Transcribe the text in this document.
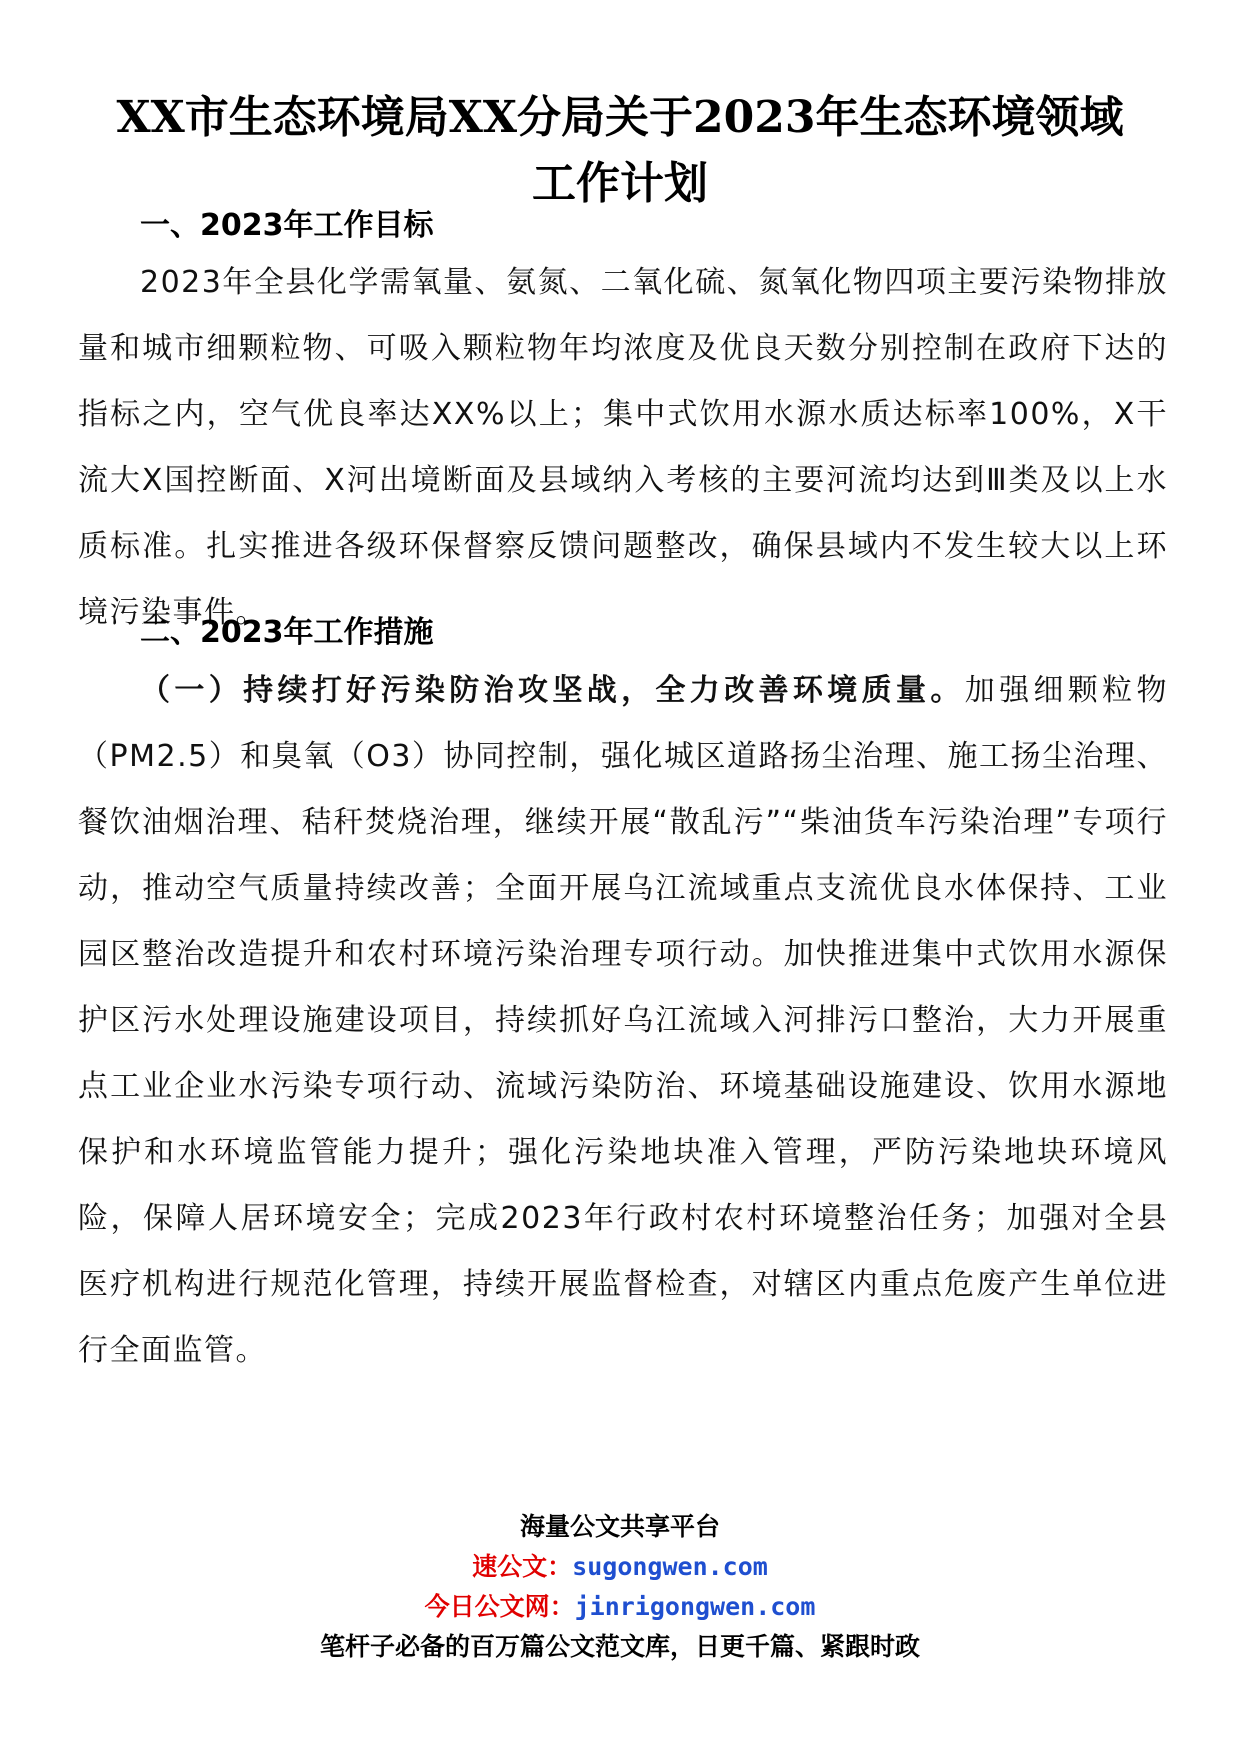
XX市生态环境局XX分局关于2023年生态环境领域
工作计划
一、2023年工作目标

2023年全县化学需氧量、氨氮、二氧化硫、氮氧化物四项主要污染物排放量和城市细颗粒物、可吸入颗粒物年均浓度及优良天数分别控制在政府下达的指标之内，空气优良率达XX%以上；集中式饮用水源水质达标率100%，X干流大X国控断面、X河出境断面及县域纳入考核的主要河流均达到Ⅲ类及以上水质标准。扎实推进各级环保督察反馈问题整改，确保县域内不发生较大以上环境污染事件。

二、2023年工作措施

（一）持续打好污染防治攻坚战，全力改善环境质量。加强细颗粒物（PM2.5）和臭氧（O3）协同控制，强化城区道路扬尘治理、施工扬尘治理、餐饮油烟治理、秸秆焚烧治理，继续开展“散乱污”“柴油货车污染治理”专项行动，推动空气质量持续改善；全面开展乌江流域重点支流优良水体保持、工业园区整治改造提升和农村环境污染治理专项行动。加快推进集中式饮用水源保护区污水处理设施建设项目，持续抓好乌江流域入河排污口整治，大力开展重点工业企业水污染专项行动、流域污染防治、环境基础设施建设、饮用水源地保护和水环境监管能力提升；强化污染地块准入管理，严防污染地块环境风险，保障人居环境安全；完成2023年行政村农村环境整治任务；加强对全县医疗机构进行规范化管理，持续开展监督检查，对辖区内重点危废产生单位进行全面监管。

海量公文共享平台

速公文：sugongwen.com

今日公文网：jinrigongwen.com

笔杆子必备的百万篇公文范文库，日更千篇、紧跟时政
